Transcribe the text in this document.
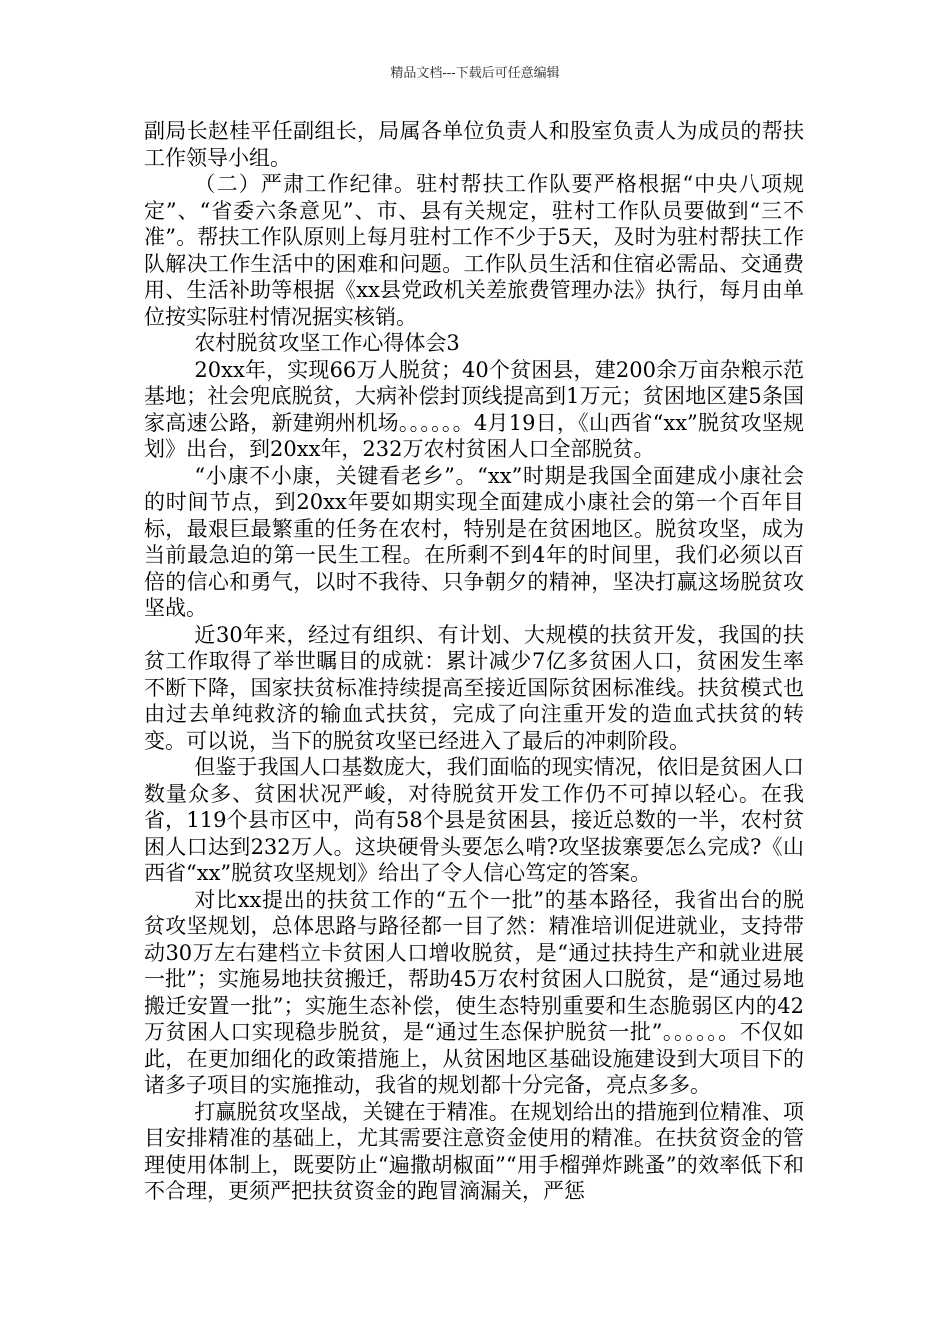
精品文档---下载后可任意编辑

副局长赵桂平任副组长，局属各单位负责人和股室负责人为成员的帮扶工作领导小组。

（二）严肃工作纪律。驻村帮扶工作队要严格根据“中央八项规定”、“省委六条意见”、市、县有关规定，驻村工作队员要做到“三不准”。帮扶工作队原则上每月驻村工作不少于5天，及时为驻村帮扶工作队解决工作生活中的困难和问题。工作队员生活和住宿必需品、交通费用、生活补助等根据《xx县党政机关差旅费管理办法》执行，每月由单位按实际驻村情况据实核销。

农村脱贫攻坚工作心得体会3

20xx年，实现66万人脱贫；40个贫困县，建200余万亩杂粮示范基地；社会兜底脱贫，大病补偿封顶线提高到1万元；贫困地区建5条国家高速公路，新建朔州机场。。。。。。4月19日，《山西省“xx”脱贫攻坚规划》出台，到20xx年，232万农村贫困人口全部脱贫。

“小康不小康，关键看老乡”。“xx”时期是我国全面建成小康社会的时间节点，到20xx年要如期实现全面建成小康社会的第一个百年目标，最艰巨最繁重的任务在农村，特别是在贫困地区。脱贫攻坚，成为当前最急迫的第一民生工程。在所剩不到4年的时间里，我们必须以百倍的信心和勇气，以时不我待、只争朝夕的精神，坚决打赢这场脱贫攻坚战。

近30年来，经过有组织、有计划、大规模的扶贫开发，我国的扶贫工作取得了举世瞩目的成就：累计减少7亿多贫困人口，贫困发生率不断下降，国家扶贫标准持续提高至接近国际贫困标准线。扶贫模式也由过去单纯救济的输血式扶贫，完成了向注重开发的造血式扶贫的转变。可以说，当下的脱贫攻坚已经进入了最后的冲刺阶段。

但鉴于我国人口基数庞大，我们面临的现实情况，依旧是贫困人口数量众多、贫困状况严峻，对待脱贫开发工作仍不可掉以轻心。在我省，119个县市区中，尚有58个县是贫困县，接近总数的一半，农村贫困人口达到232万人。这块硬骨头要怎么啃?攻坚拔寨要怎么完成?《山西省“xx”脱贫攻坚规划》给出了令人信心笃定的答案。

对比xx提出的扶贫工作的“五个一批”的基本路径，我省出台的脱贫攻坚规划，总体思路与路径都一目了然：精准培训促进就业，支持带动30万左右建档立卡贫困人口增收脱贫，是“通过扶持生产和就业进展一批”；实施易地扶贫搬迁，帮助45万农村贫困人口脱贫，是“通过易地搬迁安置一批”；实施生态补偿，使生态特别重要和生态脆弱区内的42万贫困人口实现稳步脱贫，是“通过生态保护脱贫一批”。。。。。。不仅如此，在更加细化的政策措施上，从贫困地区基础设施建设到大项目下的诸多子项目的实施推动，我省的规划都十分完备，亮点多多。

打赢脱贫攻坚战，关键在于精准。在规划给出的措施到位精准、项目安排精准的基础上，尤其需要注意资金使用的精准。在扶贫资金的管理使用体制上，既要防止“遍撒胡椒面”“用手榴弹炸跳蚤”的效率低下和不合理，更须严把扶贫资金的跑冒滴漏关，严惩
